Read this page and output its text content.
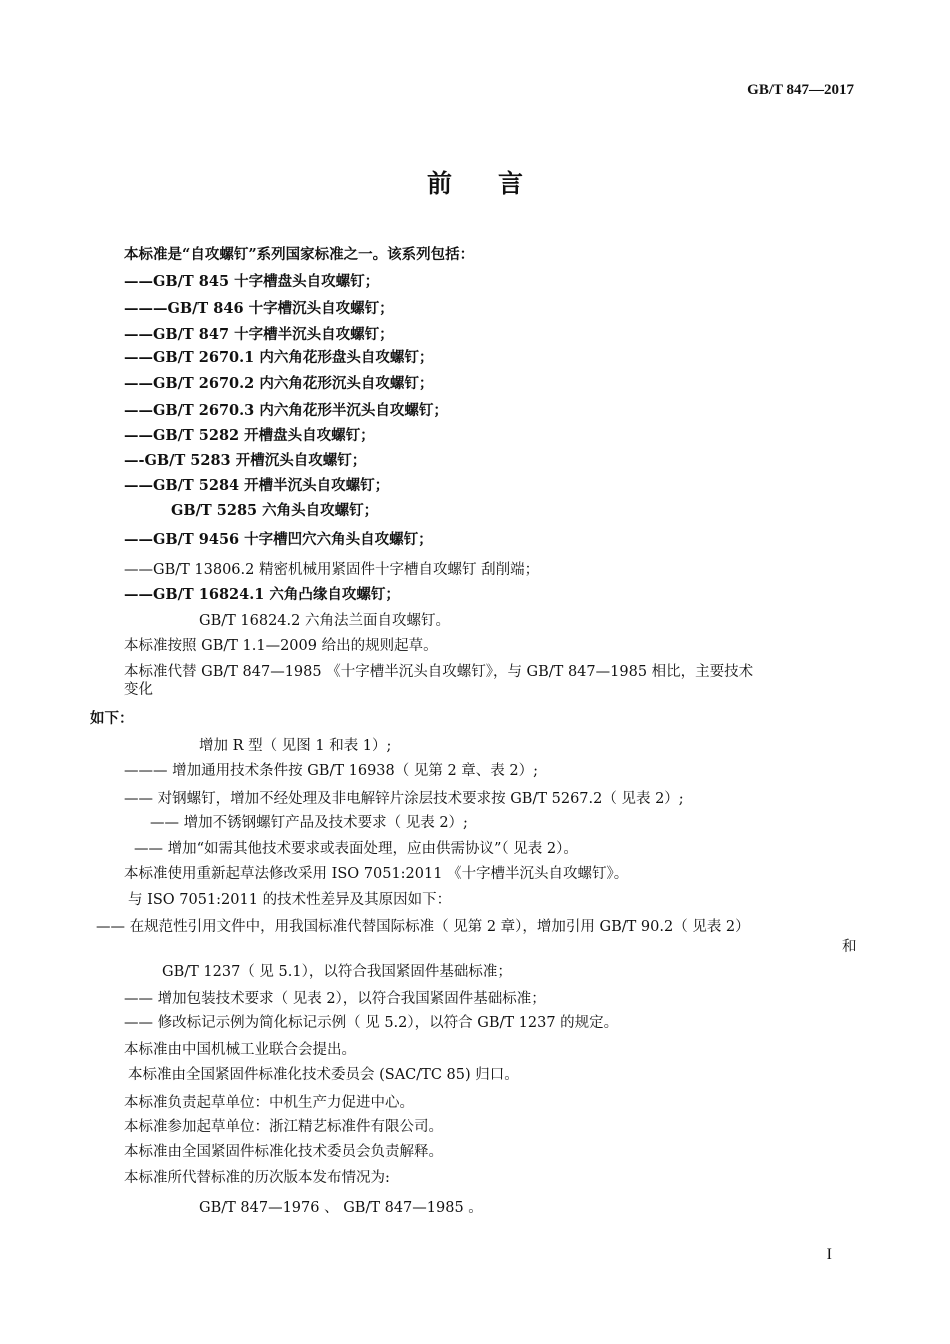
GB/T 847—2017
前言
本标准是“自攻螺钉”系列国家标准之一。该系列包括：
——GB/T 845 十字槽盘头自攻螺钉；
———GB/T 846 十字槽沉头自攻螺钉；
——GB/T 847 十字槽半沉头自攻螺钉；
——GB/T 2670.1 内六角花形盘头自攻螺钉；
——GB/T 2670.2 内六角花形沉头自攻螺钉；
——GB/T 2670.3 内六角花形半沉头自攻螺钉；
——GB/T 5282 开槽盘头自攻螺钉；
—-GB/T 5283 开槽沉头自攻螺钉；
——GB/T 5284 开槽半沉头自攻螺钉；
GB/T 5285 六角头自攻螺钉；
——GB/T 9456 十字槽凹穴六角头自攻螺钉；
——GB/T 13806.2 精密机械用紧固件十字槽自攻螺钉 刮削端；
——GB/T 16824.1 六角凸缘自攻螺钉；
GB/T 16824.2 六角法兰面自攻螺钉。
本标准按照 GB/T 1.1—2009 给出的规则起草。
本标准代替 GB/T 847—1985 《十字槽半沉头自攻螺钉》，与 GB/T 847—1985 相比，主要技术
变化
如下：
增加 R 型（ 见图 1 和表 1）;
——— 增加通用技术条件按 GB/T 16938（ 见第 2 章、表 2）;
—— 对钢螺钉，增加不经处理及非电解锌片涂层技术要求按 GB/T 5267.2（ 见表 2）;
—— 增加不锈钢螺钉产品及技术要求（ 见表 2）;
—— 增加“如需其他技术要求或表面处理，应由供需协议”（ 见表 2）。
本标准使用重新起草法修改采用 ISO 7051:2011 《十字槽半沉头自攻螺钉》。
与 ISO 7051:2011 的技术性差异及其原因如下：
—— 在规范性引用文件中，用我国标准代替国际标准（ 见第 2 章），增加引用 GB/T 90.2（ 见表 2）
和
GB/T 1237（ 见 5.1），以符合我国紧固件基础标准；
—— 增加包装技术要求（ 见表 2），以符合我国紧固件基础标准；
—— 修改标记示例为简化标记示例（ 见 5.2），以符合 GB/T 1237 的规定。
本标准由中国机械工业联合会提出。
本标准由全国紧固件标准化技术委员会 (SAC/TC 85) 归口。
本标准负责起草单位：中机生产力促进中心。
本标准参加起草单位：浙江精艺标准件有限公司。
本标准由全国紧固件标准化技术委员会负责解释。
本标准所代替标准的历次版本发布情况为:
GB/T 847—1976 、 GB/T 847—1985 。
I
